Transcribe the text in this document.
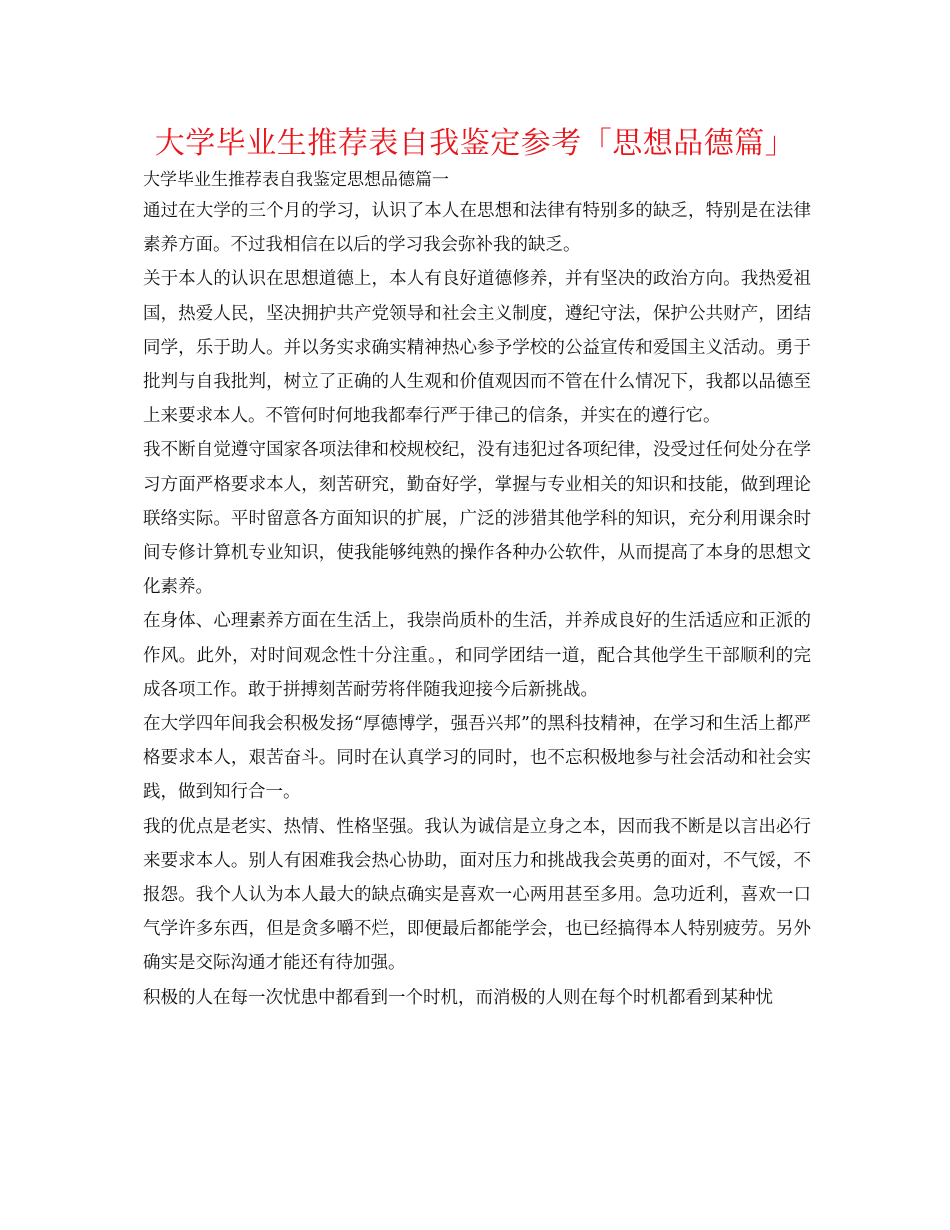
大学毕业生推荐表自我鉴定参考「思想品德篇」

大学毕业生推荐表自我鉴定思想品德篇一

通过在大学的三个月的学习，认识了本人在思想和法律有特别多的缺乏，特别是在法律素养方面。不过我相信在以后的学习我会弥补我的缺乏。

关于本人的认识在思想道德上，本人有良好道德修养，并有坚决的政治方向。我热爱祖国，热爱人民，坚决拥护共产党领导和社会主义制度，遵纪守法，保护公共财产，团结同学，乐于助人。并以务实求确实精神热心参予学校的公益宣传和爱国主义活动。勇于批判与自我批判，树立了正确的人生观和价值观因而不管在什么情况下，我都以品德至上来要求本人。不管何时何地我都奉行严于律己的信条，并实在的遵行它。

我不断自觉遵守国家各项法律和校规校纪，没有违犯过各项纪律，没受过任何处分在学习方面严格要求本人，刻苦研究，勤奋好学，掌握与专业相关的知识和技能，做到理论联络实际。平时留意各方面知识的扩展，广泛的涉猎其他学科的知识，充分利用课余时间专修计算机专业知识，使我能够纯熟的操作各种办公软件，从而提高了本身的思想文化素养。

在身体、心理素养方面在生活上，我崇尚质朴的生活，并养成良好的生活适应和正派的作风。此外，对时间观念性十分注重。，和同学团结一道，配合其他学生干部顺利的完成各项工作。敢于拼搏刻苦耐劳将伴随我迎接今后新挑战。

在大学四年间我会积极发扬“厚德博学，强吾兴邦”的黑科技精神，在学习和生活上都严格要求本人，艰苦奋斗。同时在认真学习的同时，也不忘积极地参与社会活动和社会实践，做到知行合一。

我的优点是老实、热情、性格坚强。我认为诚信是立身之本，因而我不断是以言出必行来要求本人。别人有困难我会热心协助，面对压力和挑战我会英勇的面对，不气馁，不报怨。我个人认为本人最大的缺点确实是喜欢一心两用甚至多用。急功近利，喜欢一口气学许多东西，但是贪多嚼不烂，即便最后都能学会，也已经搞得本人特别疲劳。另外确实是交际沟通才能还有待加强。

积极的人在每一次忧患中都看到一个时机，而消极的人则在每个时机都看到某种忧
